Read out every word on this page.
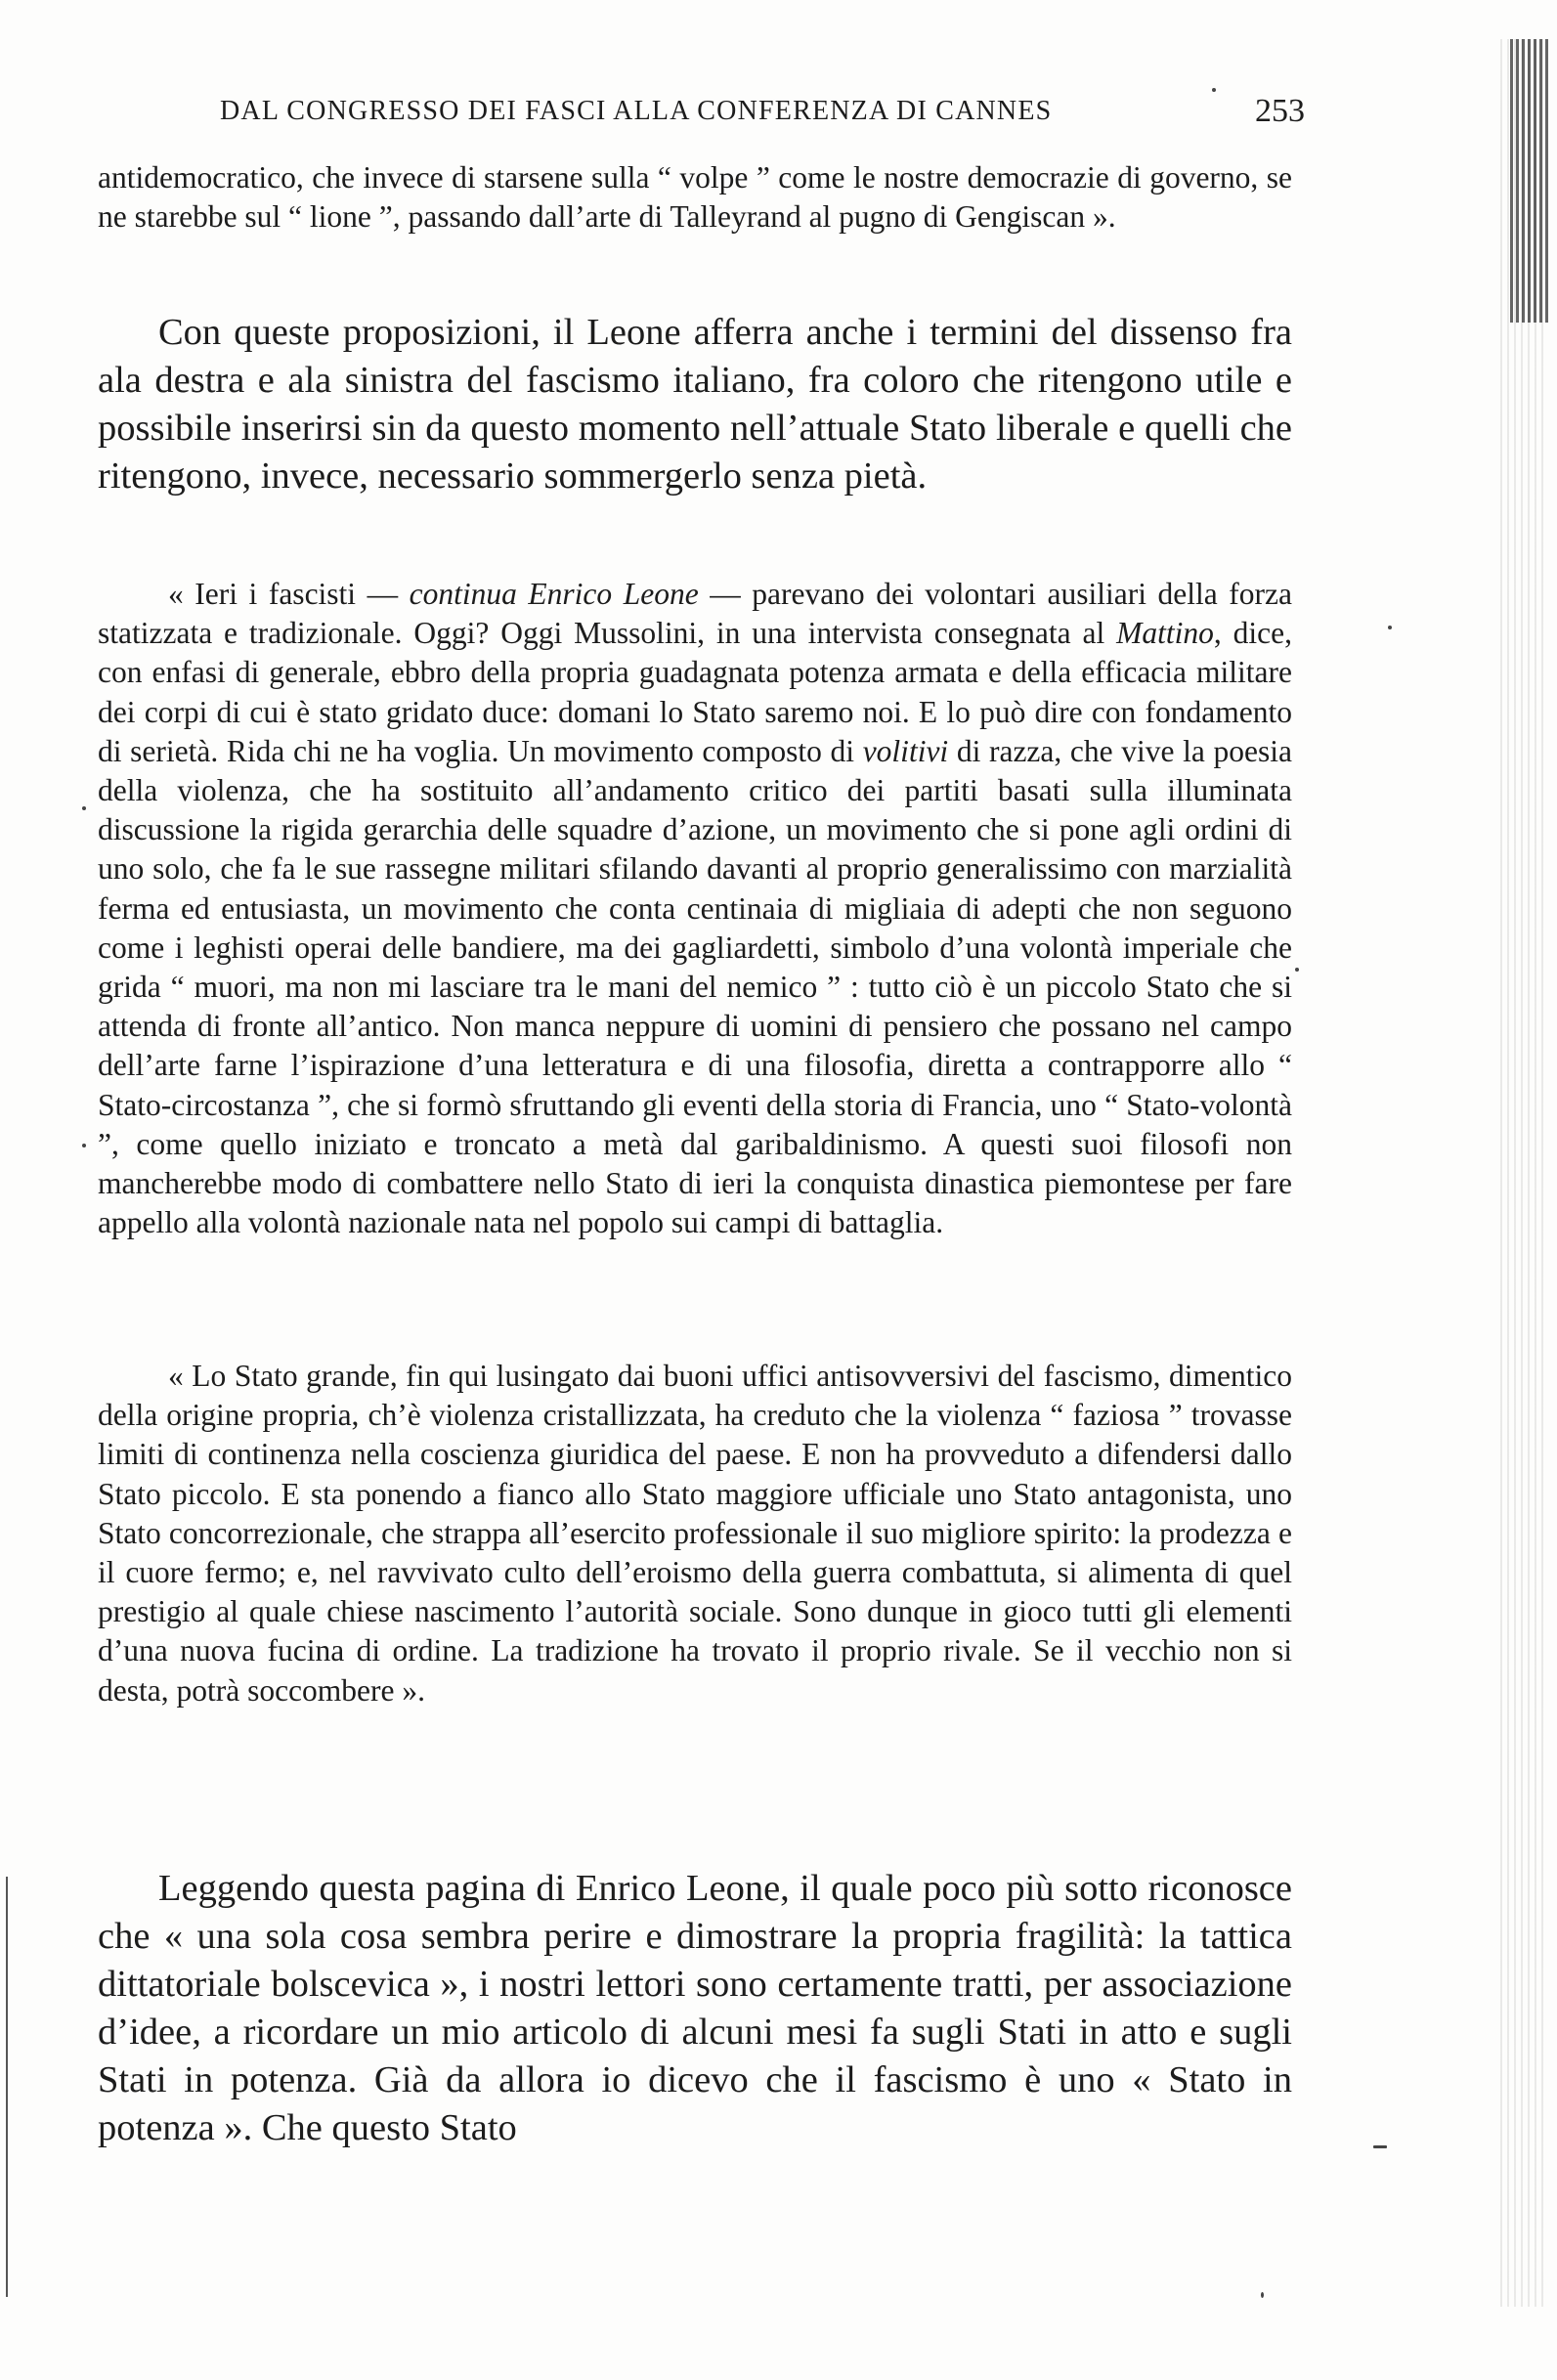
DAL CONGRESSO DEI FASCI ALLA CONFERENZA DI CANNES	253

antidemocratico, che invece di starsene sulla “ volpe ” come le nostre democrazie di governo, se ne starebbe sul “ lione ”, passando dall’arte di Talleyrand al pugno di Gengiscan ».

Con queste proposizioni, il Leone afferra anche i termini del dissenso fra ala destra e ala sinistra del fascismo italiano, fra coloro che ritengono utile e possibile inserirsi sin da questo momento nell’attuale Stato liberale e quelli che ritengono, invece, necessario sommergerlo senza pietà.

« Ieri i fascisti — continua Enrico Leone — parevano dei volontari ausiliari della forza statizzata e tradizionale. Oggi? Oggi Mussolini, in una intervista consegnata al Mattino, dice, con enfasi di generale, ebbro della propria guadagnata potenza armata e della efficacia militare dei corpi di cui è stato gridato duce: domani lo Stato saremo noi. E lo può dire con fondamento di serietà. Rida chi ne ha voglia. Un movimento composto di volitivi di razza, che vive la poesia della violenza, che ha sostituito all’andamento critico dei partiti basati sulla illuminata discussione la rigida gerarchia delle squadre d’azione, un movimento che si pone agli ordini di uno solo, che fa le sue rassegne militari sfilando davanti al proprio generalissimo con marzialità ferma ed entusiasta, un movimento che conta centinaia di migliaia di adepti che non seguono come i leghisti operai delle bandiere, ma dei gagliardetti, simbolo d’una volontà imperiale che grida “ muori, ma non mi lasciare tra le mani del nemico ” : tutto ciò è un piccolo Stato che si attenda di fronte all’antico. Non manca neppure di uomini di pensiero che possano nel campo dell’arte farne l’ispirazione d’una letteratura e di una filosofia, diretta a contrapporre allo “ Stato-circostanza ”, che si formò sfruttando gli eventi della storia di Francia, uno “ Stato-volontà ”, come quello iniziato e troncato a metà dal garibaldinismo. A questi suoi filosofi non mancherebbe modo di combattere nello Stato di ieri la conquista dinastica piemontese per fare appello alla volontà nazionale nata nel popolo sui campi di battaglia.

« Lo Stato grande, fin qui lusingato dai buoni uffici antisovversivi del fascismo, dimentico della origine propria, ch’è violenza cristallizzata, ha creduto che la violenza “ faziosa ” trovasse limiti di continenza nella coscienza giuridica del paese. E non ha provveduto a difendersi dallo Stato piccolo. E sta ponendo a fianco allo Stato maggiore ufficiale uno Stato antagonista, uno Stato concorrezionale, che strappa all’esercito professionale il suo migliore spirito: la prodezza e il cuore fermo; e, nel ravvivato culto dell’eroismo della guerra combattuta, si alimenta di quel prestigio al quale chiese nascimento l’autorità sociale. Sono dunque in gioco tutti gli elementi d’una nuova fucina di ordine. La tradizione ha trovato il proprio rivale. Se il vecchio non si desta, potrà soccombere ».

Leggendo questa pagina di Enrico Leone, il quale poco più sotto riconosce che « una sola cosa sembra perire e dimostrare la propria fragilità: la tattica dittatoriale bolscevica », i nostri lettori sono certamente tratti, per associazione d’idee, a ricordare un mio articolo di alcuni mesi fa sugli Stati in atto e sugli Stati in potenza. Già da allora io dicevo che il fascismo è uno « Stato in potenza ». Che questo Stato
